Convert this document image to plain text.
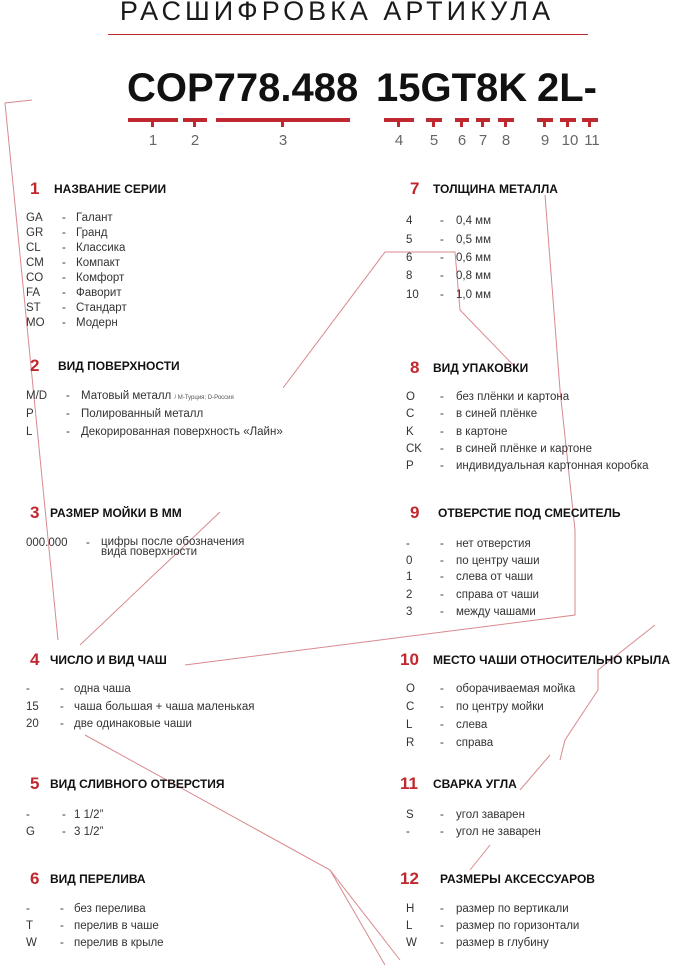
РАСШИФРОВКА АРТИКУЛА
COP778.488 15GT8K 2L-
1	2	3	4	5	6 7 8	9 10 11
1 НАЗВАНИЕ СЕРИИ
GA - Галант
GR - Гранд
CL - Классика
CM - Компакт
CO - Комфорт
FA - Фаворит
ST - Стандарт
MO - Модерн
2 ВИД ПОВЕРХНОСТИ
M/D - Матовый металл / M-Турция; D-Россия
P	- Полированный металл
L	- Декорированная поверхность «Лайн»
3 РАЗМЕР МОЙКИ В ММ
000.000 - цифры после обозначения
вида поверхности
4 ЧИСЛО И ВИД ЧАШ
-	- одна чаша
15 - чаша большая + чаша маленькая
20 - две одинаковые чаши
5 ВИД СЛИВНОГО ОТВЕРСТИЯ
-	- 1 1/2”
G - 3 1/2”
6 ВИД ПЕРЕЛИВА
-	- без перелива
T - перелив в чаше
W - перелив в крыле
7 ТОЛЩИНА МЕТАЛЛА
4 - 0,4 мм
5 - 0,5 мм
6 - 0,6 мм
8 - 0,8 мм
10 - 1,0 мм
8 ВИД УПАКОВКИ
O - без плёнки и картона
C - в синей плёнке
K - в картоне
CK - в синей плёнке и картоне
P - индивидуальная картонная коробка
9 ОТВЕРСТИЕ ПОД СМЕСИТЕЛЬ
-	- нет отверстия
0 - по центру чаши
1 - слева от чаши
2 - справа от чаши
3 - между чашами
10 МЕСТО ЧАШИ ОТНОСИТЕЛЬНО КРЫЛА
O - оборачиваемая мойка
C - по центру мойки
L - слева
R - справа
11 СВАРКА УГЛА
S - угол заварен
-	- угол не заварен
12 РАЗМЕРЫ АКСЕССУАРОВ
H - размер по вертикали
L - размер по горизонтали
W - размер в глубину
